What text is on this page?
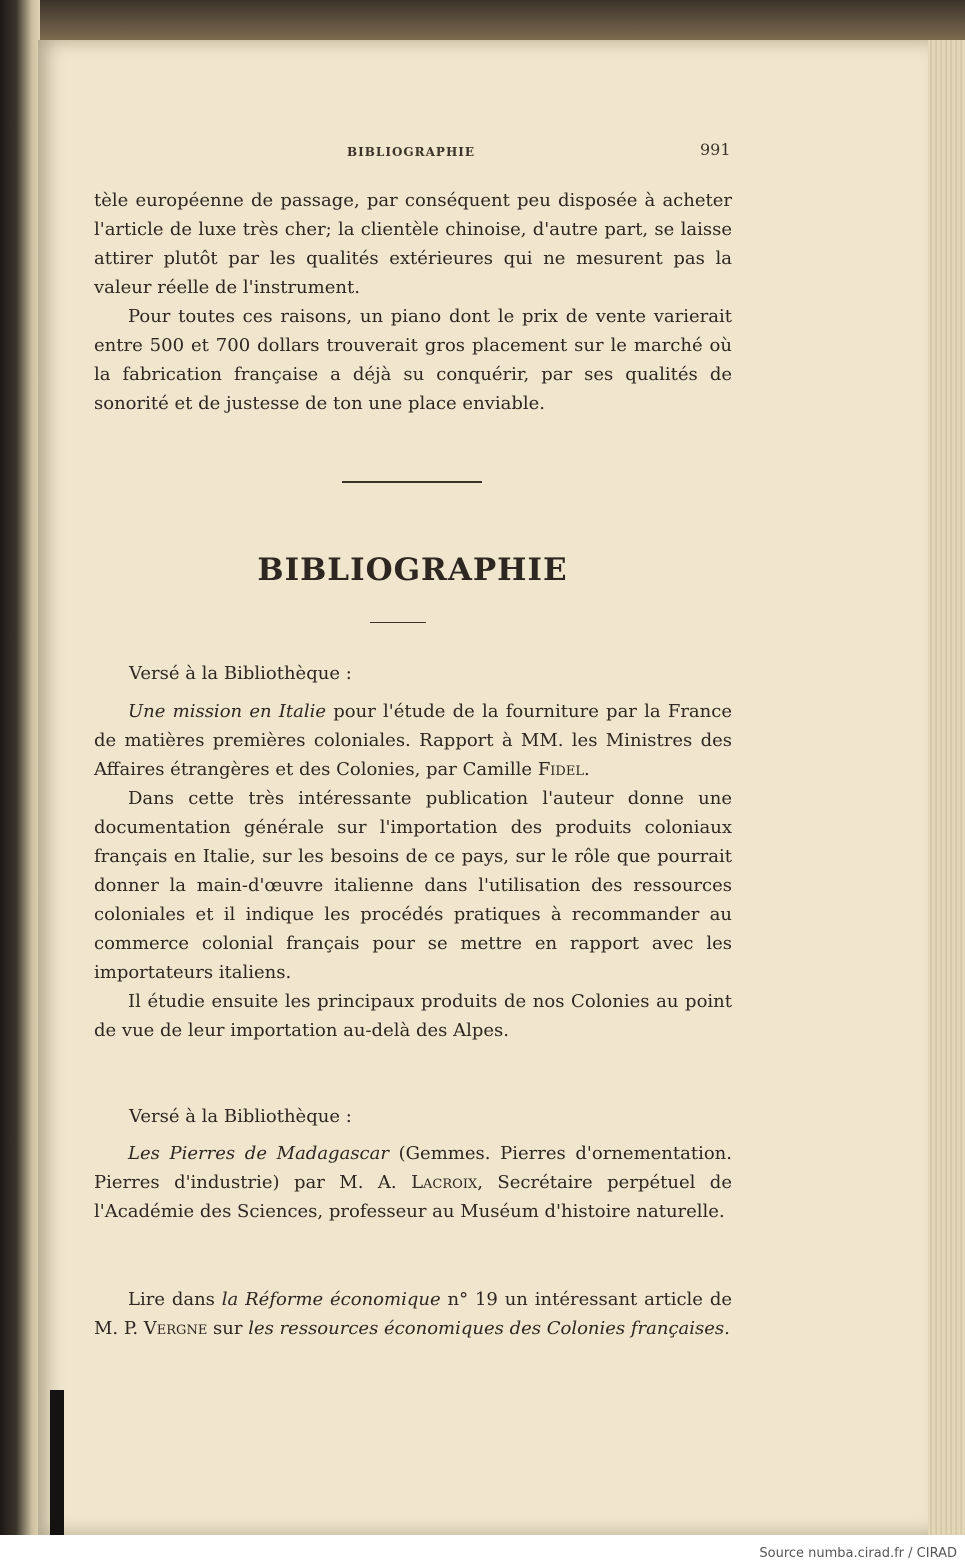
BIBLIOGRAPHIE	991

tèle européenne de passage, par conséquent peu disposée à acheter l'article de luxe très cher; la clientèle chinoise, d'autre part, se laisse attirer plutôt par les qualités extérieures qui ne mesurent pas la valeur réelle de l'instrument.

Pour toutes ces raisons, un piano dont le prix de vente varierait entre 500 et 700 dollars trouverait gros placement sur le marché où la fabrication française a déjà su conquérir, par ses qualités de sonorité et de justesse de ton une place enviable.

BIBLIOGRAPHIE
Versé à la Bibliothèque :

Une mission en Italie pour l'étude de la fourniture par la France de matières premières coloniales. Rapport à MM. les Ministres des Affaires étrangères et des Colonies, par Camille Fidel.

Dans cette très intéressante publication l'auteur donne une documentation générale sur l'importation des produits coloniaux français en Italie, sur les besoins de ce pays, sur le rôle que pourrait donner la main-d'œuvre italienne dans l'utilisation des ressources coloniales et il indique les procédés pratiques à recommander au commerce colonial français pour se mettre en rapport avec les importateurs italiens.

Il étudie ensuite les principaux produits de nos Colonies au point de vue de leur importation au-delà des Alpes.

Versé à la Bibliothèque :

Les Pierres de Madagascar (Gemmes. Pierres d'ornementation. Pierres d'industrie) par M. A. Lacroix, Secrétaire perpétuel de l'Académie des Sciences, professeur au Muséum d'histoire naturelle.

Lire dans la Réforme économique n° 19 un intéressant article de M. P. Vergne sur les ressources économiques des Colonies françaises.

Source numba.cirad.fr / CIRAD
